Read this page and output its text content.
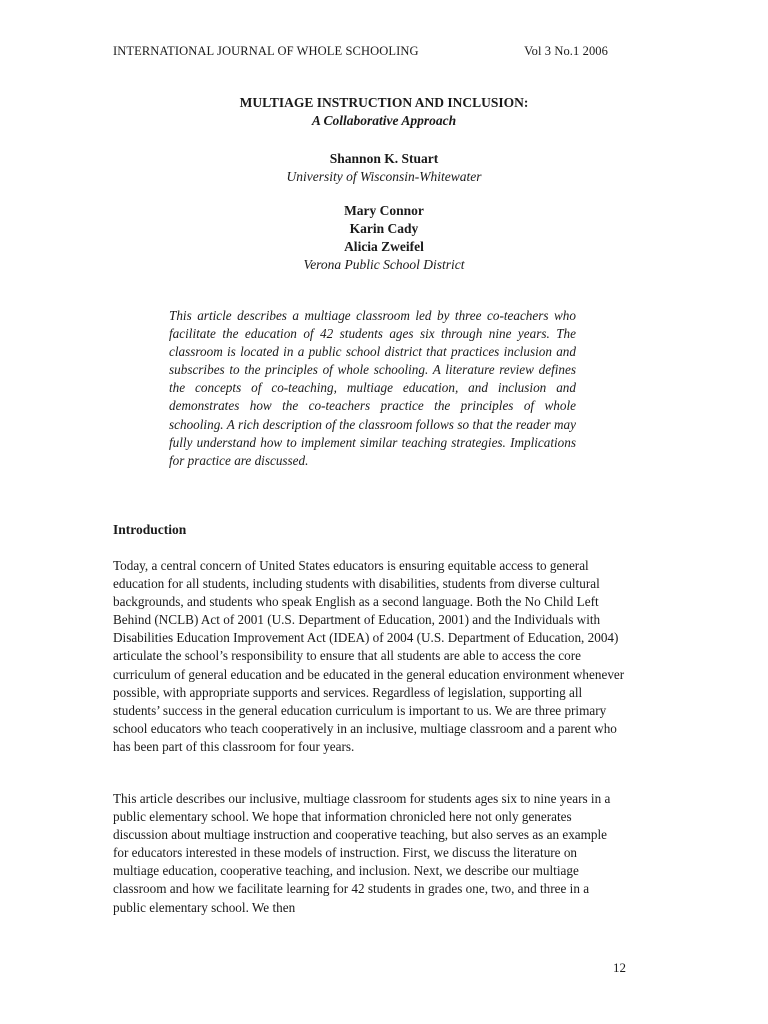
INTERNATIONAL JOURNAL OF WHOLE SCHOOLING	Vol 3 No.1 2006

MULTIAGE INSTRUCTION AND INCLUSION:

A Collaborative Approach

Shannon K. Stuart

University of Wisconsin-Whitewater

Mary Connor

Karin Cady

Alicia Zweifel

Verona Public School District

This article describes a multiage classroom led by three co-teachers who facilitate the education of 42 students ages six through nine years. The classroom is located in a public school district that practices inclusion and subscribes to the principles of whole schooling. A literature review defines the concepts of co-teaching, multiage education, and inclusion and demonstrates how the co-teachers practice the principles of whole schooling. A rich description of the classroom follows so that the reader may fully understand how to implement similar teaching strategies. Implications for practice are discussed.

Introduction

Today, a central concern of United States educators is ensuring equitable access to general education for all students, including students with disabilities, students from diverse cultural backgrounds, and students who speak English as a second language. Both the No Child Left Behind (NCLB) Act of 2001 (U.S. Department of Education, 2001) and the Individuals with Disabilities Education Improvement Act (IDEA) of 2004 (U.S. Department of Education, 2004) articulate the school’s responsibility to ensure that all students are able to access the core curriculum of general education and be educated in the general education environment whenever possible, with appropriate supports and services. Regardless of legislation, supporting all students’ success in the general education curriculum is important to us. We are three primary school educators who teach cooperatively in an inclusive, multiage classroom and a parent who has been part of this classroom for four years.

This article describes our inclusive, multiage classroom for students ages six to nine years in a public elementary school. We hope that information chronicled here not only generates discussion about multiage instruction and cooperative teaching, but also serves as an example for educators interested in these models of instruction. First, we discuss the literature on multiage education, cooperative teaching, and inclusion. Next, we describe our multiage classroom and how we facilitate learning for 42 students in grades one, two, and three in a public elementary school. We then

12
